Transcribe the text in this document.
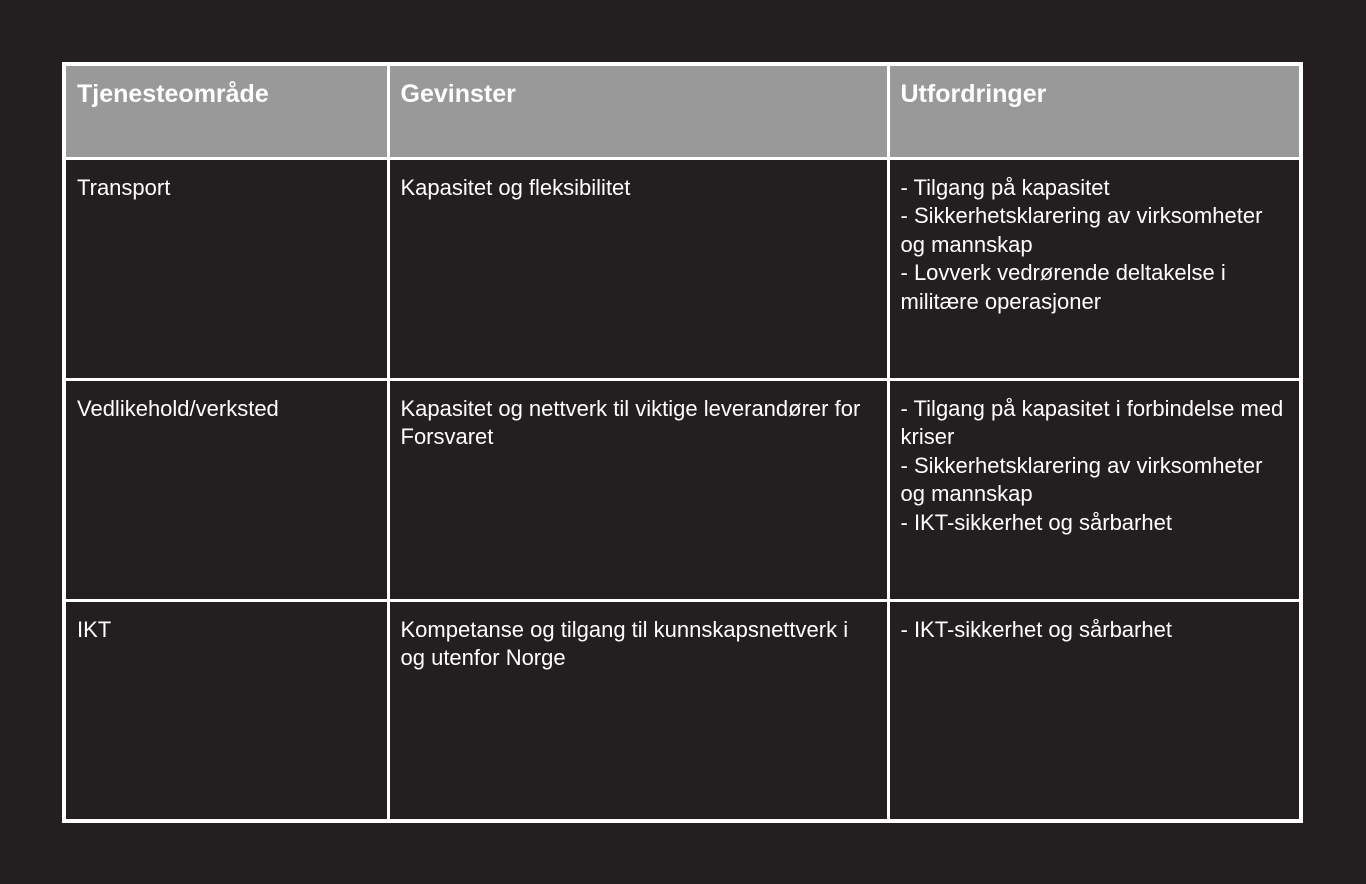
Tjenesteområde	Gevinster	Utfordringer
Transport	Kapasitet og fleksibilitet	- Tilgang på kapasitet
- Sikkerhetsklarering av virksomheter og mannskap
- Lovverk vedrørende deltakelse i militære operasjoner

Vedlikehold/verksted	Kapasitet og nettverk til viktige leverandører for Forsvaret	- Tilgang på kapasitet i forbindelse med kriser
- Sikkerhetsklarering av virksomheter og mannskap
- IKT-sikkerhet og sårbarhet

IKT	Kompetanse og tilgang til kunnskapsnettverk i og utenfor Norge	- IKT-sikkerhet og sårbarhet
